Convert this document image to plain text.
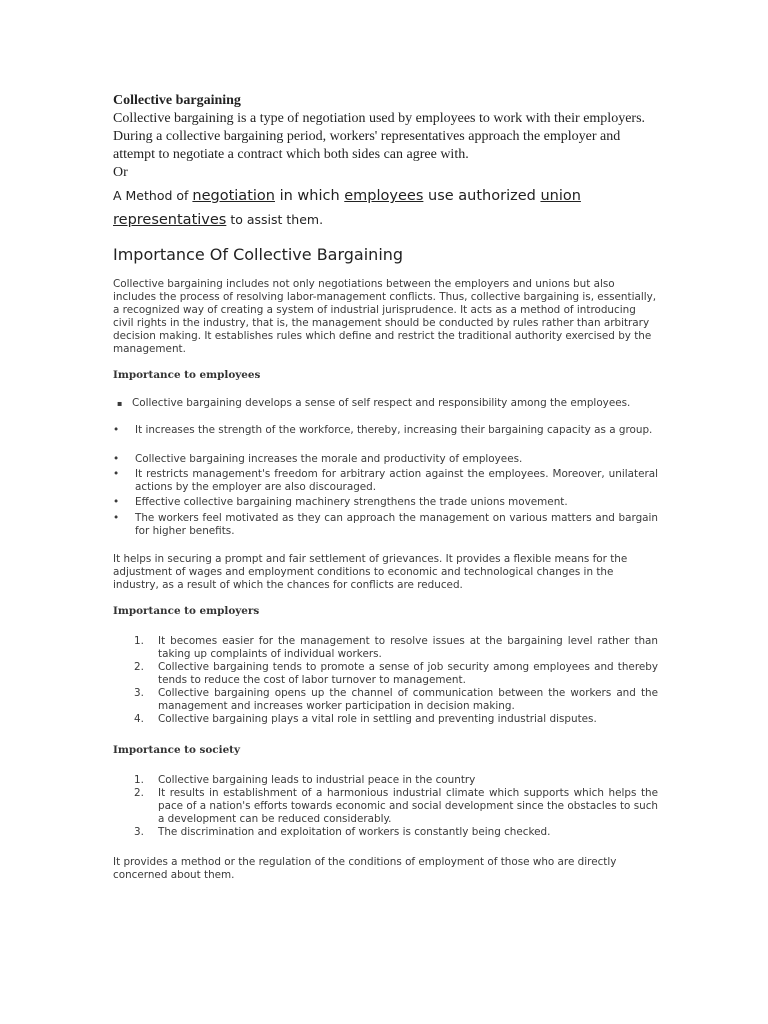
Collective bargaining

Collective bargaining is a type of negotiation used by employees to work with their employers. During a collective bargaining period, workers' representatives approach the employer and attempt to negotiate a contract which both sides can agree with.

Or

A Method of negotiation in which employees use authorized union representatives to assist them.

Importance Of Collective Bargaining

Collective bargaining includes not only negotiations between the employers and unions but also includes the process of resolving labor-management conflicts. Thus, collective bargaining is, essentially, a recognized way of creating a system of industrial jurisprudence. It acts as a method of introducing civil rights in the industry, that is, the management should be conducted by rules rather than arbitrary decision making. It establishes rules which define and restrict the traditional authority exercised by the management.

Importance to employees

▪ Collective bargaining develops a sense of self respect and responsibility among the employees.
• It increases the strength of the workforce, thereby, increasing their bargaining capacity as a group.
• Collective bargaining increases the morale and productivity of employees.
• It restricts management's freedom for arbitrary action against the employees. Moreover, unilateral actions by the employer are also discouraged.
• Effective collective bargaining machinery strengthens the trade unions movement.
• The workers feel motivated as they can approach the management on various matters and bargain for higher benefits.

It helps in securing a prompt and fair settlement of grievances. It provides a flexible means for the adjustment of wages and employment conditions to economic and technological changes in the industry, as a result of which the chances for conflicts are reduced.

Importance to employers

1. It becomes easier for the management to resolve issues at the bargaining level rather than taking up complaints of individual workers.
2. Collective bargaining tends to promote a sense of job security among employees and thereby tends to reduce the cost of labor turnover to management.
3. Collective bargaining opens up the channel of communication between the workers and the management and increases worker participation in decision making.
4. Collective bargaining plays a vital role in settling and preventing industrial disputes.

Importance to society

1. Collective bargaining leads to industrial peace in the country
2. It results in establishment of a harmonious industrial climate which supports which helps the pace of a nation's efforts towards economic and social development since the obstacles to such a development can be reduced considerably.
3. The discrimination and exploitation of workers is constantly being checked.

It provides a method or the regulation of the conditions of employment of those who are directly concerned about them.
